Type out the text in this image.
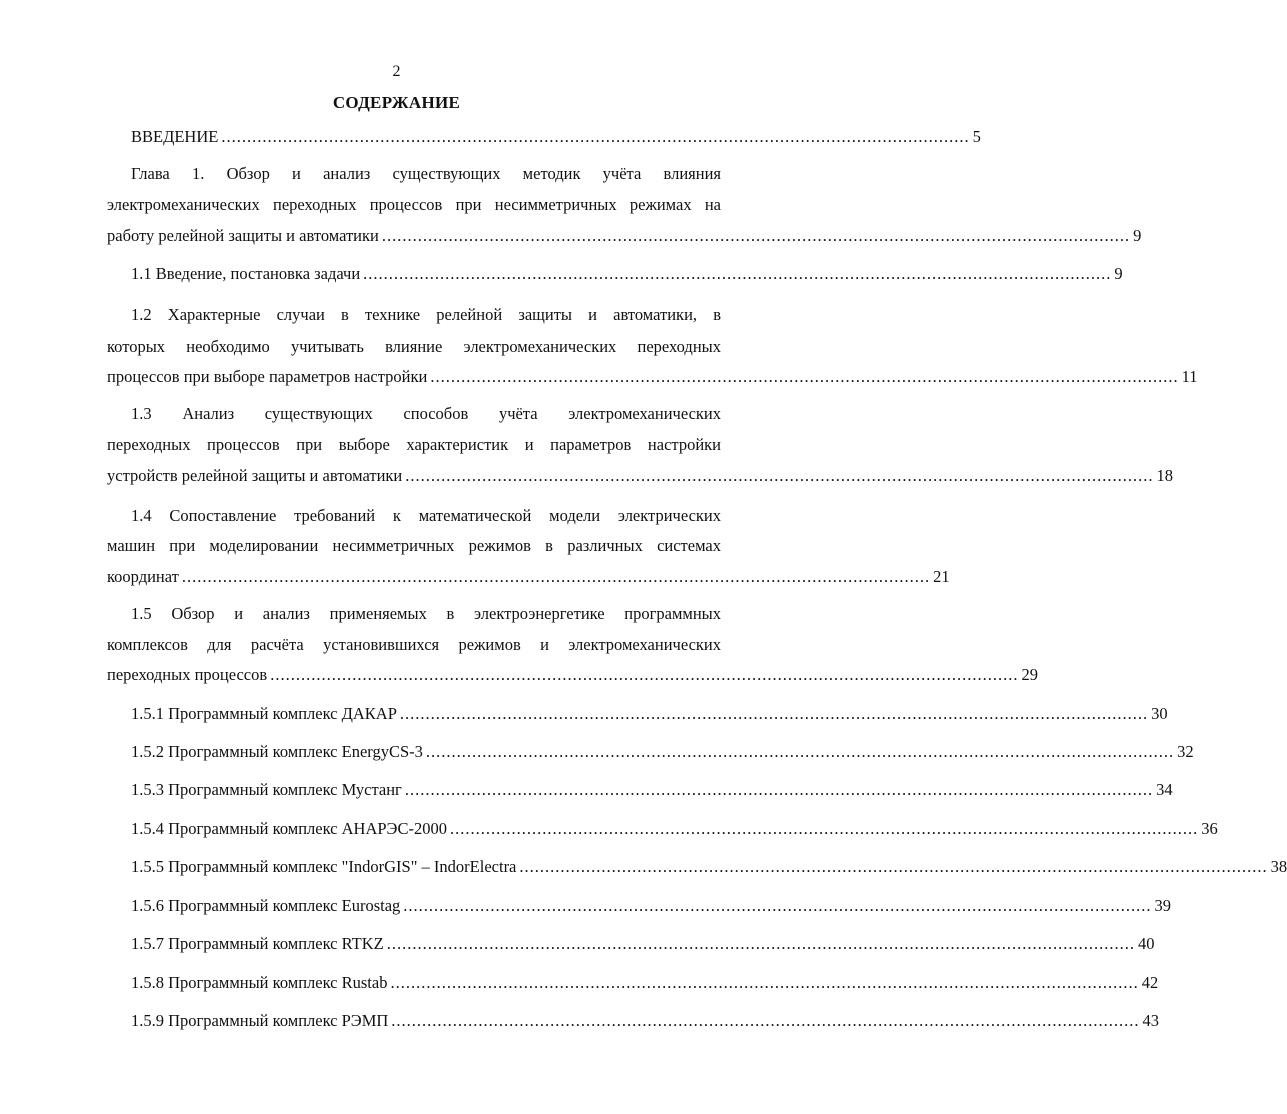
2
СОДЕРЖАНИЕ
ВВЕДЕНИЕ .................................................................................................................................................. 5
Глава 1. Обзор и анализ существующих методик учёта влияния
электромеханических переходных процессов при несимметричных режимах на
работу релейной защиты и автоматики .................................................................................................................................................. 9
1.1 Введение, постановка задачи .................................................................................................................................................. 9
1.2 Характерные случаи в технике релейной защиты и автоматики, в
которых необходимо учитывать влияние электромеханических переходных
процессов при выборе параметров настройки .................................................................................................................................................. 11
1.3 Анализ существующих способов учёта электромеханических
переходных процессов при выборе характеристик и параметров настройки
устройств релейной защиты и автоматики .................................................................................................................................................. 18
1.4 Сопоставление требований к математической модели электрических
машин при моделировании несимметричных режимов в различных системах
координат .................................................................................................................................................. 21
1.5 Обзор и анализ применяемых в электроэнергетике программных
комплексов для расчёта установившихся режимов и электромеханических
переходных процессов .................................................................................................................................................. 29
1.5.1 Программный комплекс ДАКАР .................................................................................................................................................. 30
1.5.2 Программный комплекс EnergyCS-3 .................................................................................................................................................. 32
1.5.3 Программный комплекс Мустанг .................................................................................................................................................. 34
1.5.4 Программный комплекс АНАРЭС-2000 .................................................................................................................................................. 36
1.5.5 Программный комплекс "IndorGIS" – IndorElectra .................................................................................................................................................. 38
1.5.6 Программный комплекс Eurostag .................................................................................................................................................. 39
1.5.7 Программный комплекс RTKZ .................................................................................................................................................. 40
1.5.8 Программный комплекс Rustab .................................................................................................................................................. 42
1.5.9 Программный комплекс РЭМП .................................................................................................................................................. 43
